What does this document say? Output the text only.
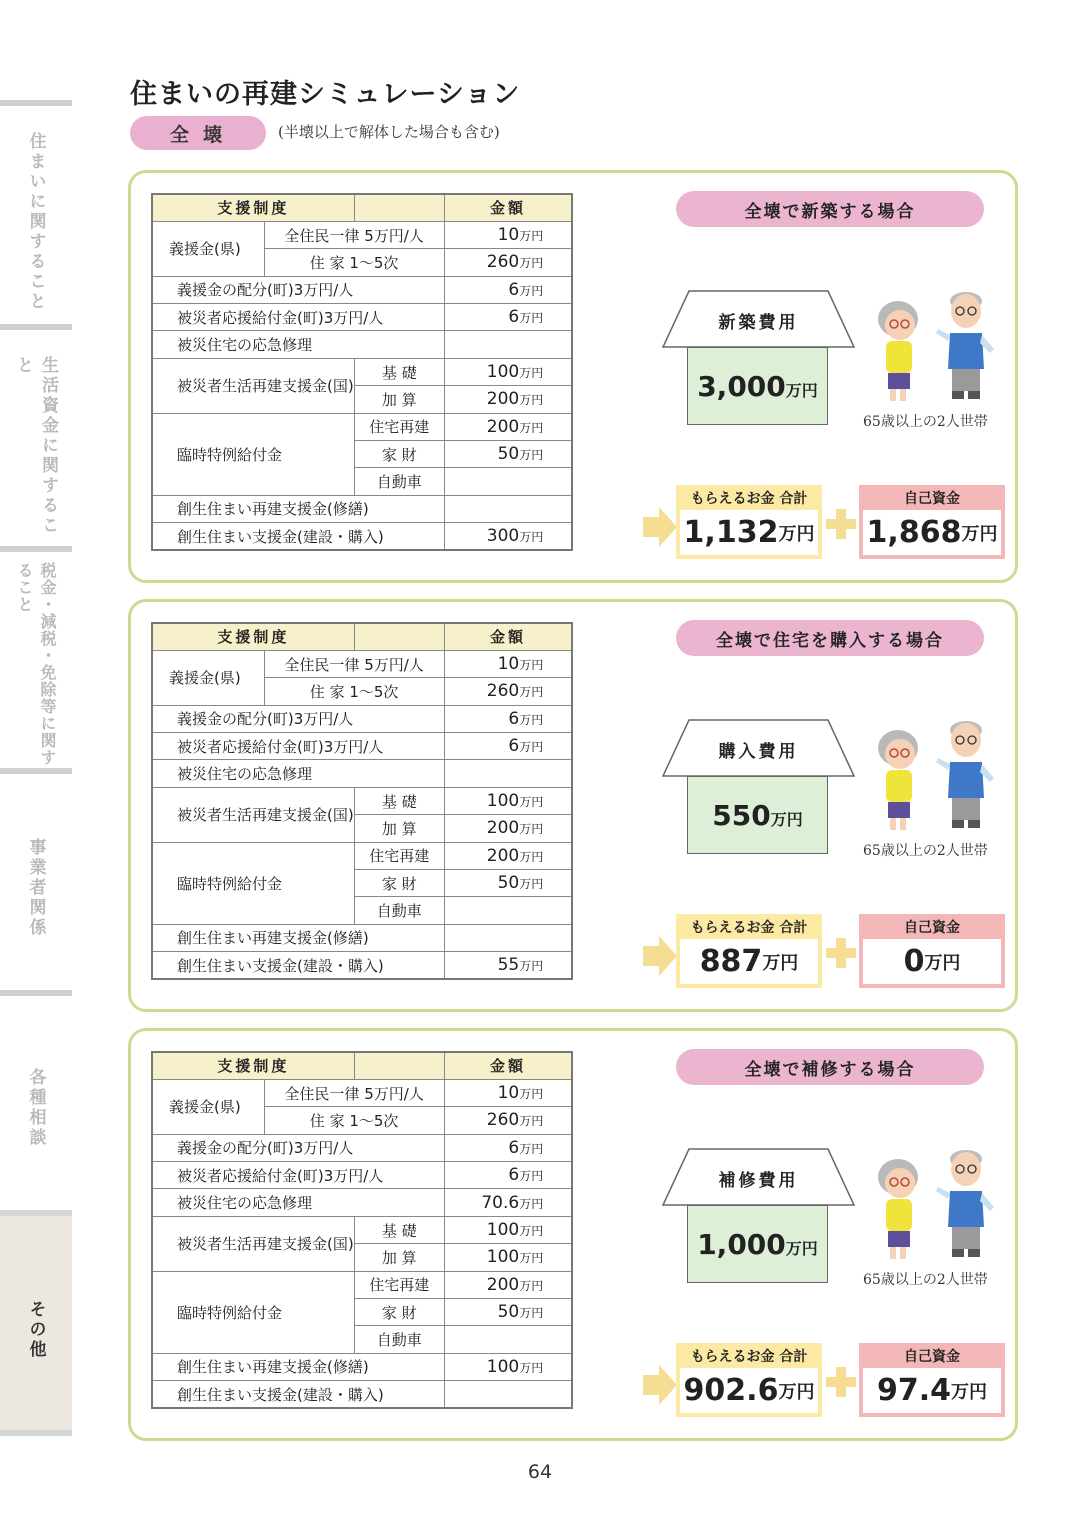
住まいに関すること
生活資金に関すること
税金・減税・免除等に関すること
事業者関係
各種相談
その他
住まいの再建シミュレーション
全壊	(半壊以上で解体した場合も含む)
支援制度			金額
義援金(県)	全住民一律 5万円/人		10万円
	住 家 1〜5次		260万円
義援金の配分(町)3万円/人			6万円
被災者応援給付金(町)3万円/人			6万円
被災住宅の応急修理			
被災者生活再建支援金(国)		基 礎	100万円
		加 算	200万円
臨時特例給付金		住宅再建	200万円
		家 財	50万円
		自動車	
創生住まい再建支援金(修繕)			
創生住まい支援金(建設・購入)			300万円
全壊で新築する場合
新築費用
3,000万円
65歳以上の2人世帯
もらえるお金 合計
1,132 万円
自己資金
1,868 万円
支援制度			金額
義援金(県)	全住民一律 5万円/人		10万円
	住 家 1〜5次		260万円
義援金の配分(町)3万円/人			6万円
被災者応援給付金(町)3万円/人			6万円
被災住宅の応急修理			
被災者生活再建支援金(国)		基 礎	100万円
		加 算	200万円
臨時特例給付金		住宅再建	200万円
		家 財	50万円
		自動車	
創生住まい再建支援金(修繕)			
創生住まい支援金(建設・購入)			55万円
全壊で住宅を購入する場合
購入費用
550万円
65歳以上の2人世帯
もらえるお金 合計
887 万円
自己資金
0 万円
支援制度			金額
義援金(県)	全住民一律 5万円/人		10万円
	住 家 1〜5次		260万円
義援金の配分(町)3万円/人			6万円
被災者応援給付金(町)3万円/人			6万円
被災住宅の応急修理			70.6万円
被災者生活再建支援金(国)		基 礎	100万円
		加 算	100万円
臨時特例給付金		住宅再建	200万円
		家 財	50万円
		自動車	
創生住まい再建支援金(修繕)			100万円
創生住まい支援金(建設・購入)			
全壊で補修する場合
補修費用
1,000万円
65歳以上の2人世帯
もらえるお金 合計
902.6 万円
自己資金
97.4 万円
64
